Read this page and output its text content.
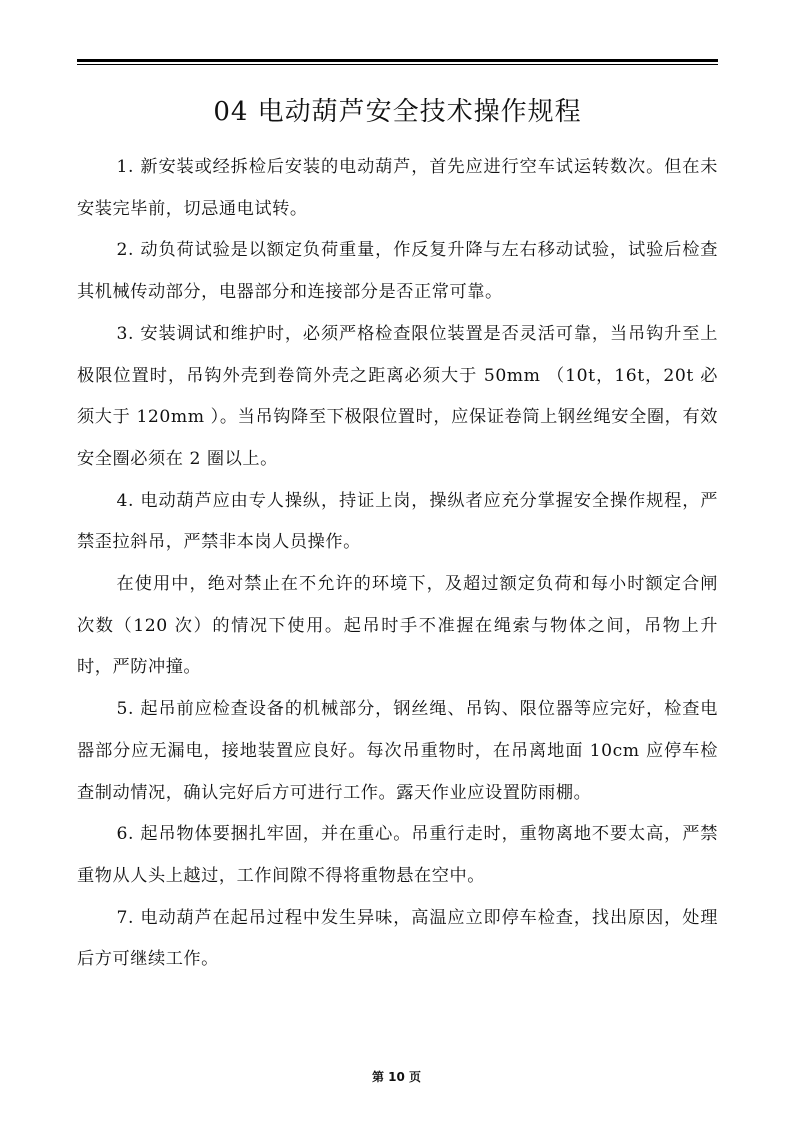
04 电动葫芦安全技术操作规程

1. 新安装或经拆检后安装的电动葫芦，首先应进行空车试运转数次。但在未安装完毕前，切忌通电试转。

2. 动负荷试验是以额定负荷重量，作反复升降与左右移动试验，试验后检查其机械传动部分，电器部分和连接部分是否正常可靠。

3. 安装调试和维护时，必须严格检查限位装置是否灵活可靠，当吊钩升至上极限位置时，吊钩外壳到卷筒外壳之距离必须大于 50mm （10t，16t，20t 必须大于 120mm ）。当吊钩降至下极限位置时，应保证卷筒上钢丝绳安全圈，有效安全圈必须在 2 圈以上。

4. 电动葫芦应由专人操纵，持证上岗，操纵者应充分掌握安全操作规程，严禁歪拉斜吊，严禁非本岗人员操作。

在使用中，绝对禁止在不允许的环境下，及超过额定负荷和每小时额定合闸次数（120 次）的情况下使用。起吊时手不准握在绳索与物体之间，吊物上升时，严防冲撞。

5. 起吊前应检查设备的机械部分，钢丝绳、吊钩、限位器等应完好，检查电器部分应无漏电，接地装置应良好。每次吊重物时，在吊离地面 10cm 应停车检查制动情况，确认完好后方可进行工作。露天作业应设置防雨棚。

6. 起吊物体要捆扎牢固，并在重心。吊重行走时，重物离地不要太高，严禁重物从人头上越过，工作间隙不得将重物悬在空中。

7. 电动葫芦在起吊过程中发生异味，高温应立即停车检查，找出原因，处理后方可继续工作。

第 10 页
